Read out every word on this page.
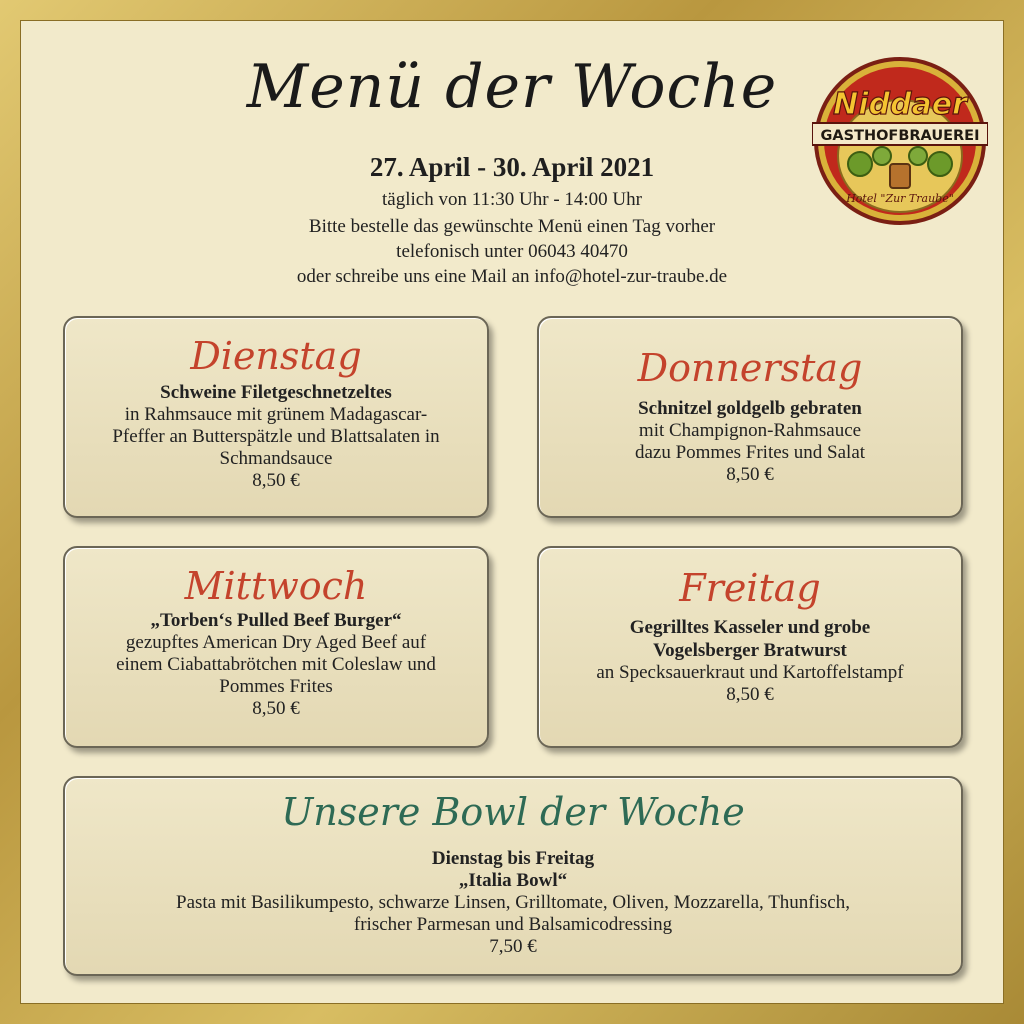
Menü der Woche
27. April - 30. April 2021
täglich von 11:30 Uhr - 14:00 Uhr
Bitte bestelle das gewünschte Menü einen Tag vorher
telefonisch unter 06043 40470
oder schreibe uns eine Mail an info@hotel-zur-traube.de
Niddaer
GASTHOFBRAUEREI
Hotel "Zur Traube"
Dienstag
Schweine Filetgeschnetzeltes
in Rahmsauce mit grünem Madagascar-
Pfeffer an Butterspätzle und Blattsalaten in
Schmandsauce
8,50 €
Donnerstag
Schnitzel goldgelb gebraten
mit Champignon-Rahmsauce
dazu Pommes Frites und Salat
8,50 €
Mittwoch
„Torben‘s Pulled Beef Burger“
gezupftes American Dry Aged Beef auf
einem Ciabattabrötchen mit Coleslaw und
Pommes Frites
8,50 €
Freitag
Gegrilltes Kasseler und grobe
Vogelsberger Bratwurst
an Specksauerkraut und Kartoffelstampf
8,50 €
Unsere Bowl der Woche
Dienstag bis Freitag
„Italia Bowl“
Pasta mit Basilikumpesto, schwarze Linsen, Grilltomate, Oliven, Mozzarella, Thunfisch,
frischer Parmesan und Balsamicodressing
7,50 €
